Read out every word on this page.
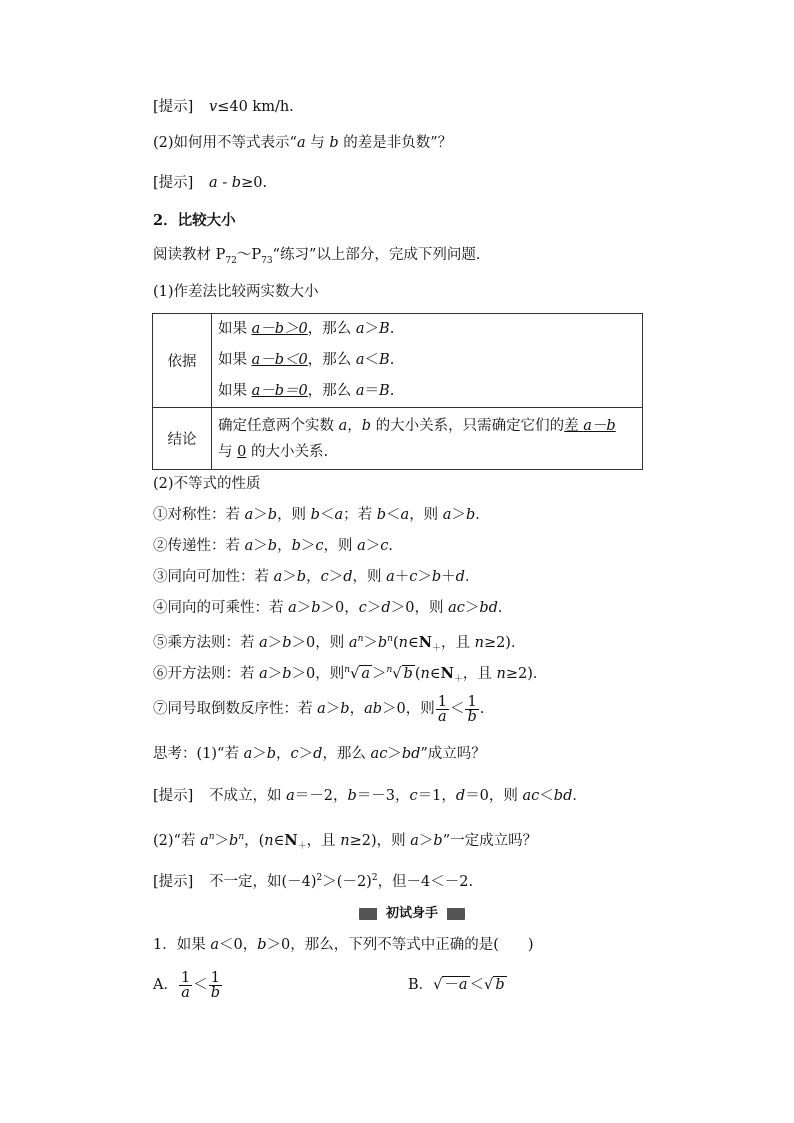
[提示] v≤40 km/h.
(2)如何用不等式表示“a 与 b 的差是非负数”？
[提示] a - b≥0.
2．比较大小
阅读教材 $P_{72}\sim P_{73}“$练习”以上部分，完成下列问题．
(1)作差法比较两实数大小
依据	如果 a－b＞0，那么 a＞B.
如果 a－b＜0，那么 a＜B.
如果 a－b＝0，那么 a＝B.

结论	确定任意两个实数 a，b 的大小关系，只需确定它们的差 a－b
与 0 的大小关系.
(2)不等式的性质
①对称性：若 a＞b，则 b＜a；若 b＜a，则 a＞b．
②传递性：若 a＞b，b＞c，则 a＞c．
③同向可加性：若 a＞b，c＞d，则 a＋c＞b＋d．
④同向的可乘性：若 a＞b＞0，c＞d＞0，则 ac＞bd．
⑤乘方法则：若 a＞b＞0，则 $a^n>b^n(n\in N_+$，且 n≥2)．
⑥开方法则：若 a＞b＞0，则$^n$√ a ＞$^n$√ b ($n\in N_+$，且 n≥2)．
⑦同号取倒数反序性：若 a＞b，ab＞0，则 $\frac{1}{a} < \frac{1}{b}$ .
思考：(1)“若 a＞b，c＞d，那么 ac＞bd”成立吗？
[提示] 不成立，如 a＝－2，b＝－3，c＝1，d＝0，则 ac＜bd．
(2)“若 $a^n>b^n$，($n\in N_+$，且 n≥2)，则 a＞b”一定成立吗？
[提示] 不一定，如$(-4)^2>(-2)^2$，但－4＜－2.
初试身手
1．如果 a＜0，b＞0，那么，下列不等式中正确的是(　　)
A． $\frac{1}{a} < \frac{1}{b}$	B．√ －a ＜√ b
